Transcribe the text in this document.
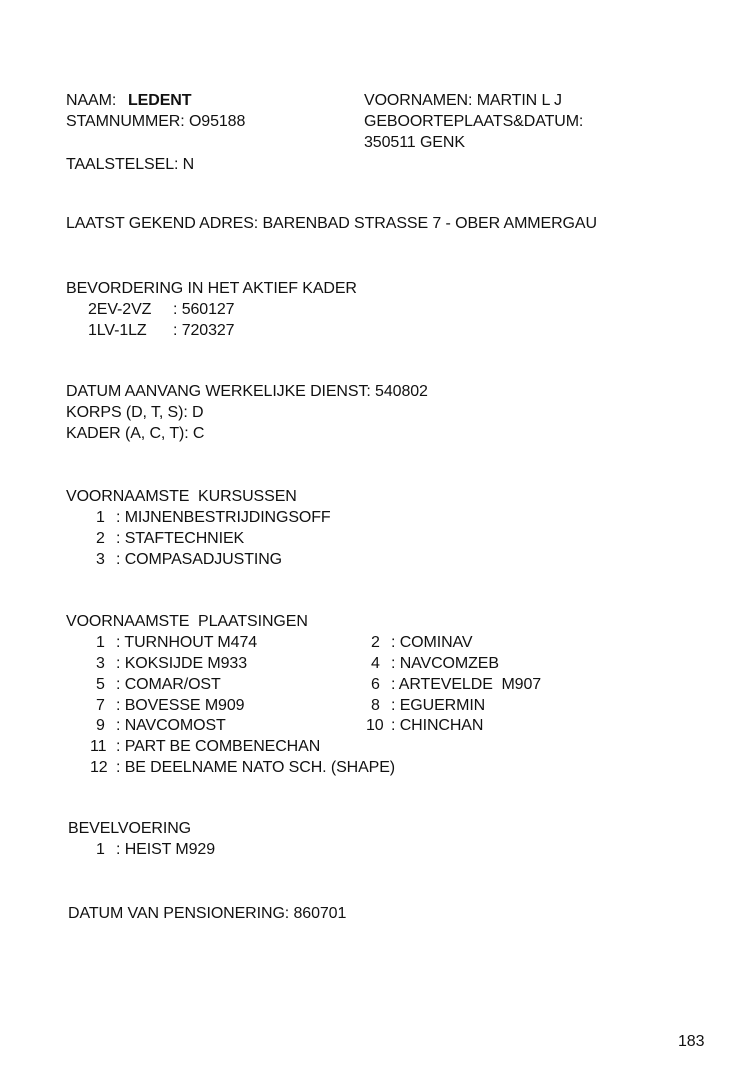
NAAM: LEDENT
STAMNUMMER: O95188
TAALSTELSEL: N
VOORNAMEN: MARTIN L J
GEBOORTEPLAATS&DATUM:
350511 GENK
LAATST GEKEND ADRES: BARENBAD STRASSE 7 - OBER AMMERGAU
BEVORDERING IN HET AKTIEF KADER
2EV-2VZ : 560127
1LV-1LZ : 720327
DATUM AANVANG WERKELIJKE DIENST: 540802
KORPS (D, T, S): D
KADER (A, C, T): C
VOORNAAMSTE  KURSUSSEN
1 : MIJNENBESTRIJDINGSOFF
2 : STAFTECHNIEK
3 : COMPASADJUSTING
VOORNAAMSTE  PLAATSINGEN
1 : TURNHOUT M474
3 : KOKSIJDE M933
5 : COMAR/OST
7 : BOVESSE M909
9 : NAVCOMOST
11 : PART BE COMBENECHAN
12 : BE DEELNAME NATO SCH. (SHAPE)
2 : COMINAV
4 : NAVCOMZEB
6 : ARTEVELDE  M907
8 : EGUERMIN
10 : CHINCHAN
BEVELVOERING
1 : HEIST M929
DATUM VAN PENSIONERING: 860701
183
